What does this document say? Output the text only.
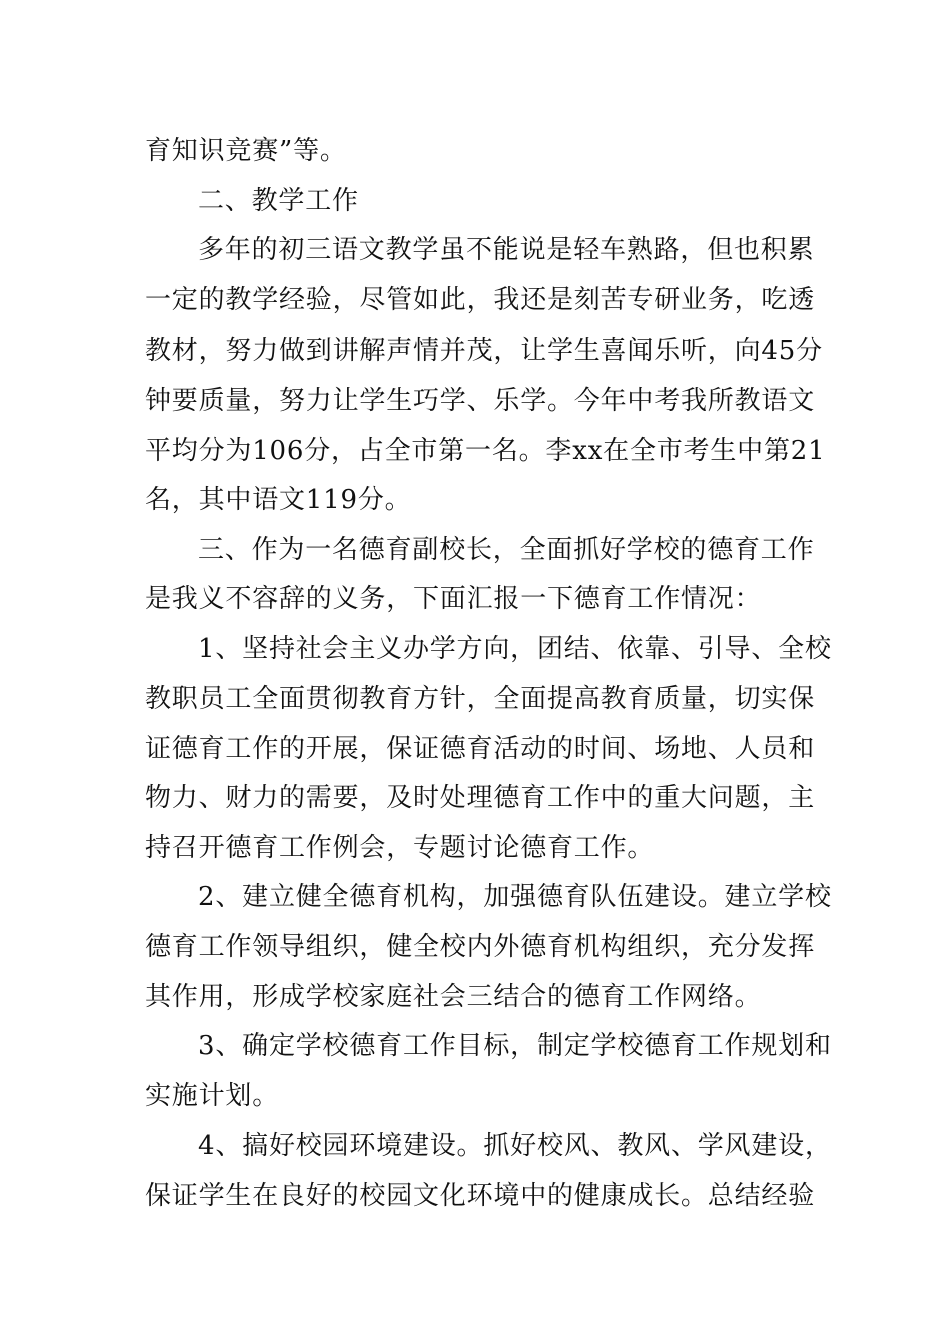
育知识竞赛”等。
二、教学工作
多年的初三语文教学虽不能说是轻车熟路，但也积累
一定的教学经验，尽管如此，我还是刻苦专研业务，吃透
教材，努力做到讲解声情并茂，让学生喜闻乐听，向45分
钟要质量，努力让学生巧学、乐学。今年中考我所教语文
平均分为106分，占全市第一名。李xx在全市考生中第21
名，其中语文119分。
三、作为一名德育副校长，全面抓好学校的德育工作
是我义不容辞的义务，下面汇报一下德育工作情况：
1、坚持社会主义办学方向，团结、依靠、引导、全校
教职员工全面贯彻教育方针，全面提高教育质量，切实保
证德育工作的开展，保证德育活动的时间、场地、人员和
物力、财力的需要，及时处理德育工作中的重大问题，主
持召开德育工作例会，专题讨论德育工作。
2、建立健全德育机构，加强德育队伍建设。建立学校
德育工作领导组织，健全校内外德育机构组织，充分发挥
其作用，形成学校家庭社会三结合的德育工作网络。
3、确定学校德育工作目标，制定学校德育工作规划和
实施计划。
4、搞好校园环境建设。抓好校风、教风、学风建设，
保证学生在良好的校园文化环境中的健康成长。总结经验
